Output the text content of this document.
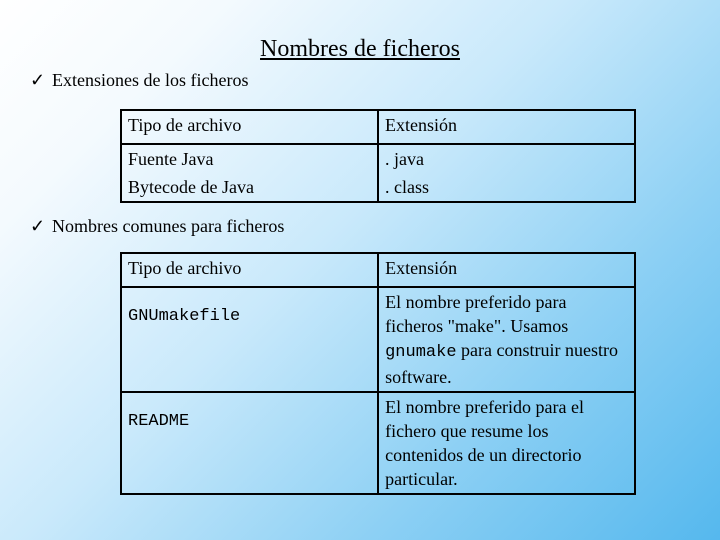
Nombres de ficheros
✓ Extensiones de los ficheros
Tipo de archivo	Extensión
Fuente Java	. java
Bytecode de Java	. class
✓ Nombres comunes para ficheros
Tipo de archivo	Extensión
GNUmakefile	El nombre preferido para ficheros "make". Usamos
gnumake para construir nuestro software.
README	El nombre preferido para el fichero que resume los contenidos de un directorio particular.
